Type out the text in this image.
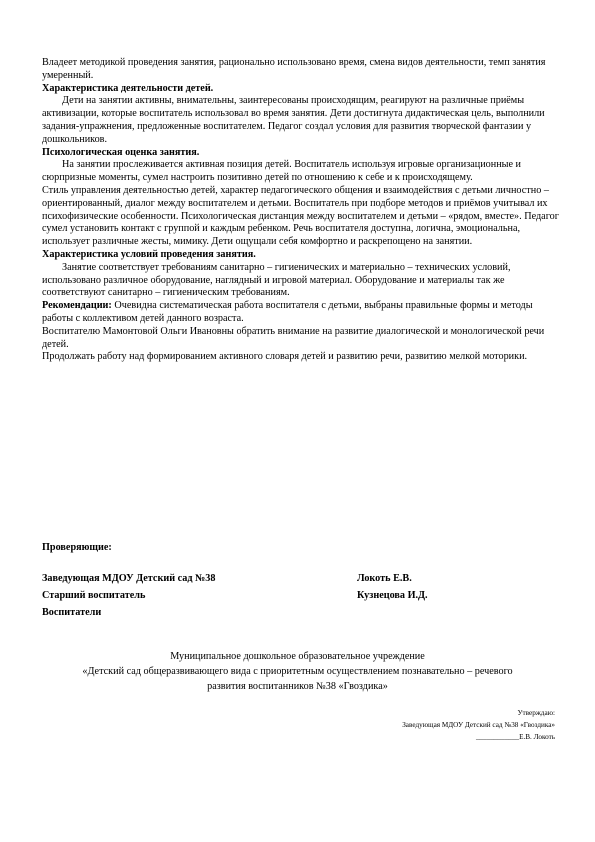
Владеет методикой проведения занятия, рационально использовано время, смена видов деятельности, темп занятия умеренный.

Характеристика деятельности детей.

Дети на занятии активны, внимательны, заинтересованы происходящим, реагируют на различные приёмы активизации, которые воспитатель использовал во время занятия. Дети достигнута дидактическая цель, выполнили задания-упражнения, предложенные воспитателем. Педагог создал условия для развития творческой фантазии у дошкольников.

Психологическая оценка занятия.

На занятии прослеживается активная позиция детей. Воспитатель используя игровые организационные и сюрпризные моменты, сумел настроить позитивно детей по отношению к себе и к происходящему.

Стиль управления деятельностью детей, характер педагогического общения и взаимодействия с детьми личностно – ориентированный, диалог между воспитателем и детьми. Воспитатель при подборе методов и приёмов учитывал их психофизические особенности. Психологическая дистанция между воспитателем и детьми – «рядом, вместе». Педагог сумел установить контакт с группой и каждым ребенком. Речь воспитателя доступна, логична, эмоциональна, использует различные жесты, мимику. Дети ощущали себя комфортно и раскрепощено на занятии.

Характеристика условий проведения занятия.

Занятие соответствует требованиям санитарно – гигиенических и материально – технических условий, использовано различное оборудование, наглядный и игровой материал. Оборудование и материалы так же соответствуют санитарно – гигиеническим требованиям.

Рекомендации: Очевидна систематическая работа воспитателя с детьми, выбраны правильные формы и методы работы с коллективом детей данного возраста.

Воспитателю Мамонтовой Ольги Ивановны обратить внимание на развитие диалогической и монологической речи детей.

Продолжать работу над формированием активного словаря детей и развитию речи, развитию мелкой моторики.

Проверяющие:
Заведующая МДОУ Детский сад №38	Локоть Е.В.
Старший воспитатель	Кузнецова И.Д.
Воспитатели
Муниципальное дошкольное образовательное учреждение
«Детский сад общеразвивающего вида с приоритетным осуществлением познавательно – речевого
развития воспитанников №38 «Гвоздика»
Утверждаю:
Заведующая МДОУ Детский сад №38 «Гвоздика»
____________Е.В. Локоть
